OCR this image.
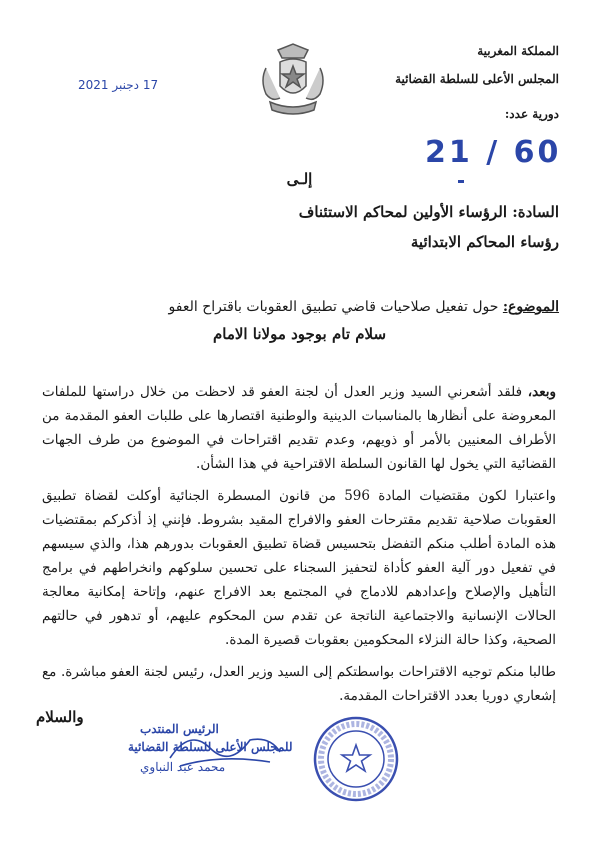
المملكة المغربية
المجلس الأعلى للسلطة القضائية
دورية عدد:
17 دجنبر 2021
21 / 60
إلـى
السادة: الرؤساء الأولين لمحاكم الاستئناف
رؤساء المحاكم الابتدائية
الموضوع: حول تفعيل صلاحيات قاضي تطبيق العقوبات باقتراح العفو
سلام تام بوجود مولانا الامام

وبعد، فلقد أشعرني السيد وزير العدل أن لجنة العفو قد لاحظت من خلال دراستها للملفات المعروضة على أنظارها بالمناسبات الدينية والوطنية اقتصارها على طلبات العفو المقدمة من الأطراف المعنيين بالأمر أو ذويهم، وعدم تقديم اقتراحات في الموضوع من طرف الجهات القضائية التي يخول لها القانون السلطة الاقتراحية في هذا الشأن.

واعتبارا لكون مقتضيات المادة 596 من قانون المسطرة الجنائية أوكلت لقضاة تطبيق العقوبات صلاحية تقديم مقترحات العفو والافراج المقيد بشروط. فإنني إذ أذكركم بمقتضيات هذه المادة أطلب منكم التفضل بتحسيس قضاة تطبيق العقوبات بدورهم هذا، والذي سيسهم في تفعيل دور آلية العفو كأداة لتحفيز السجناء على تحسين سلوكهم وانخراطهم في برامج التأهيل والإصلاح وإعدادهم للادماج في المجتمع بعد الافراج عنهم، وإتاحة إمكانية معالجة الحالات الإنسانية والاجتماعية الناتجة عن تقدم سن المحكوم عليهم، أو تدهور في حالتهم الصحية، وكذا حالة النزلاء المحكومين بعقوبات قصيرة المدة.

طالبا منكم توجيه الاقتراحات بواسطتكم إلى السيد وزير العدل، رئيس لجنة العفو مباشرة. مع إشعاري دوريا بعدد الاقتراحات المقدمة.

والسلام
الرئيس المنتدب
للمجلس الأعلى للسلطة القضائية
محمد عبد النباوي
